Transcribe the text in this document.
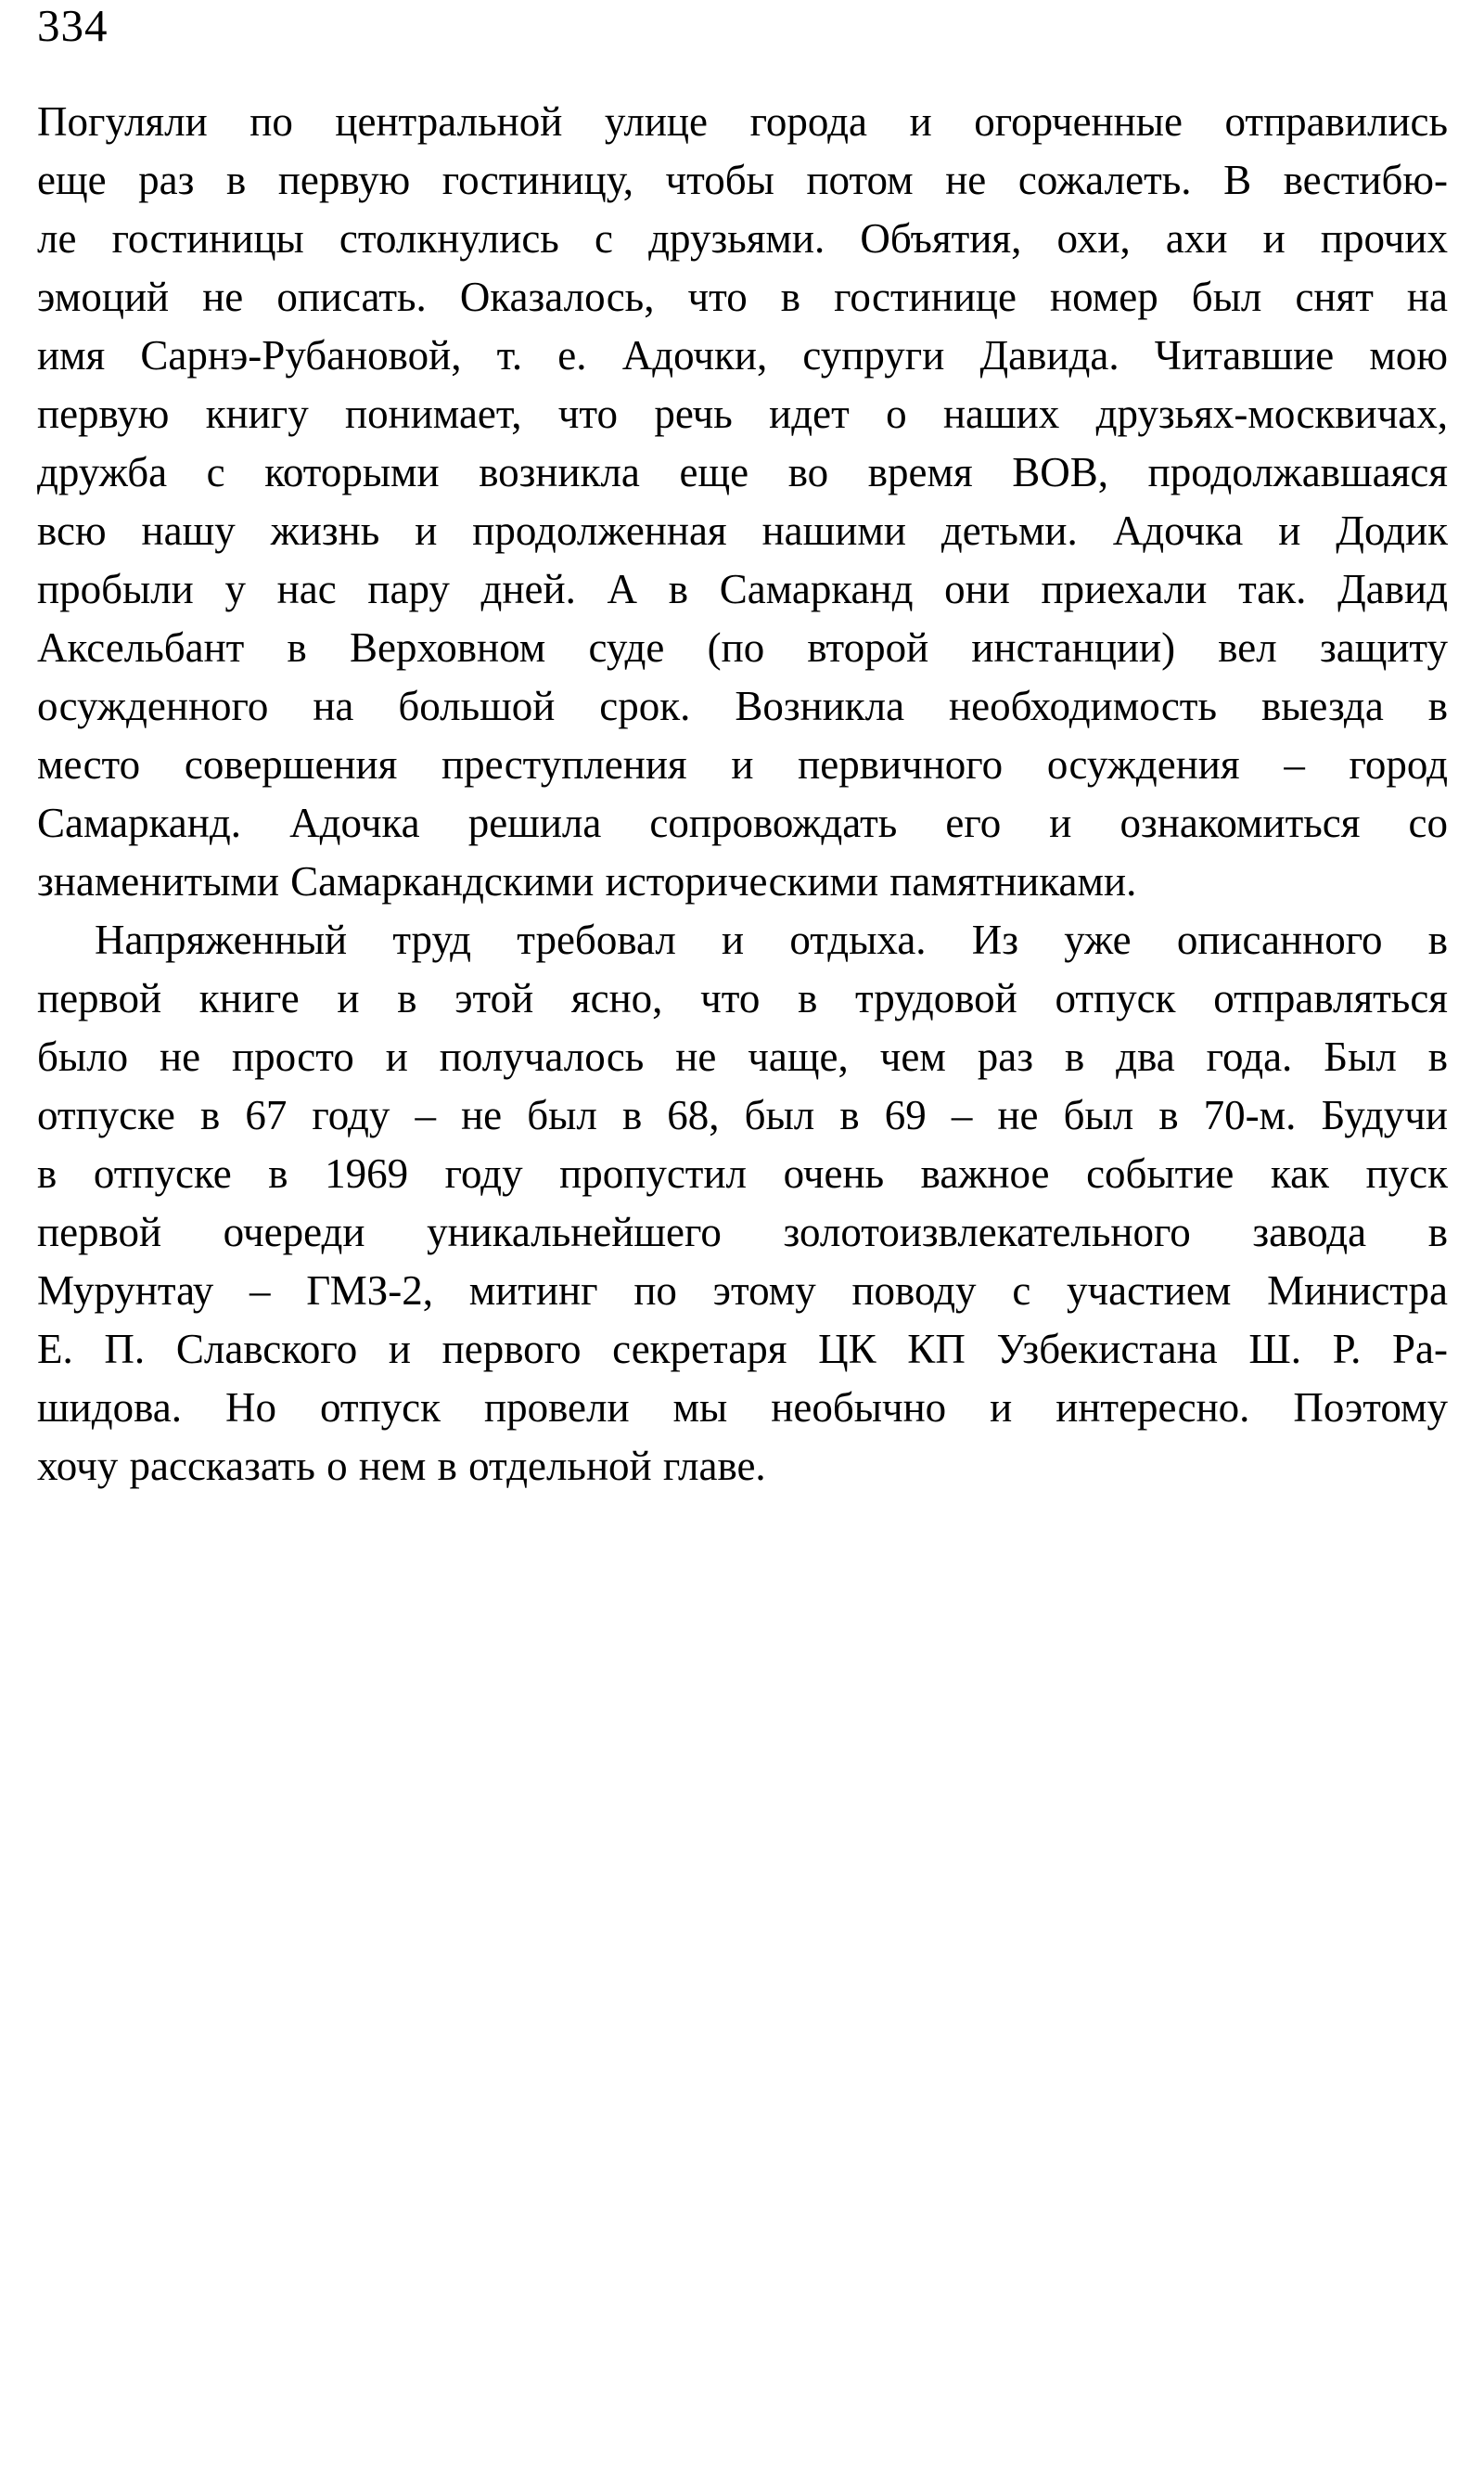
334
Погуляли по центральной улице города и огорченные отправились
еще раз в первую гостиницу, чтобы потом не сожалеть. В вестибю-
ле гостиницы столкнулись с друзьями. Объятия, охи, ахи и прочих
эмоций не описать. Оказалось, что в гостинице номер был снят на
имя Сарнэ-Рубановой, т. е. Адочки, супруги Давида. Читавшие мою
первую книгу понимает, что речь идет о наших друзьях-москвичах,
дружба с которыми возникла еще во время ВОВ, продолжавшаяся
всю нашу жизнь и продолженная нашими детьми. Адочка и Додик
пробыли у нас пару дней. А в Самарканд они приехали так. Давид
Аксельбант в Верховном суде (по второй инстанции) вел защиту
осужденного на большой срок. Возникла необходимость выезда в
место совершения преступления и первичного осуждения – город
Самарканд. Адочка решила сопровождать его и ознакомиться со
знаменитыми Самаркандскими историческими памятниками.
Напряженный труд требовал и отдыха. Из уже описанного в
первой книге и в этой ясно, что в трудовой отпуск отправляться
было не просто и получалось не чаще, чем раз в два года. Был в
отпуске в 67 году – не был в 68, был в 69 – не был в 70-м. Будучи
в отпуске в 1969 году пропустил очень важное событие как пуск
первой очереди уникальнейшего золотоизвлекательного завода в
Мурунтау – ГМЗ-2, митинг по этому поводу с участием Министра
Е. П. Славского и первого секретаря ЦК КП Узбекистана Ш. Р. Ра-
шидова. Но отпуск провели мы необычно и интересно. Поэтому
хочу рассказать о нем в отдельной главе.
